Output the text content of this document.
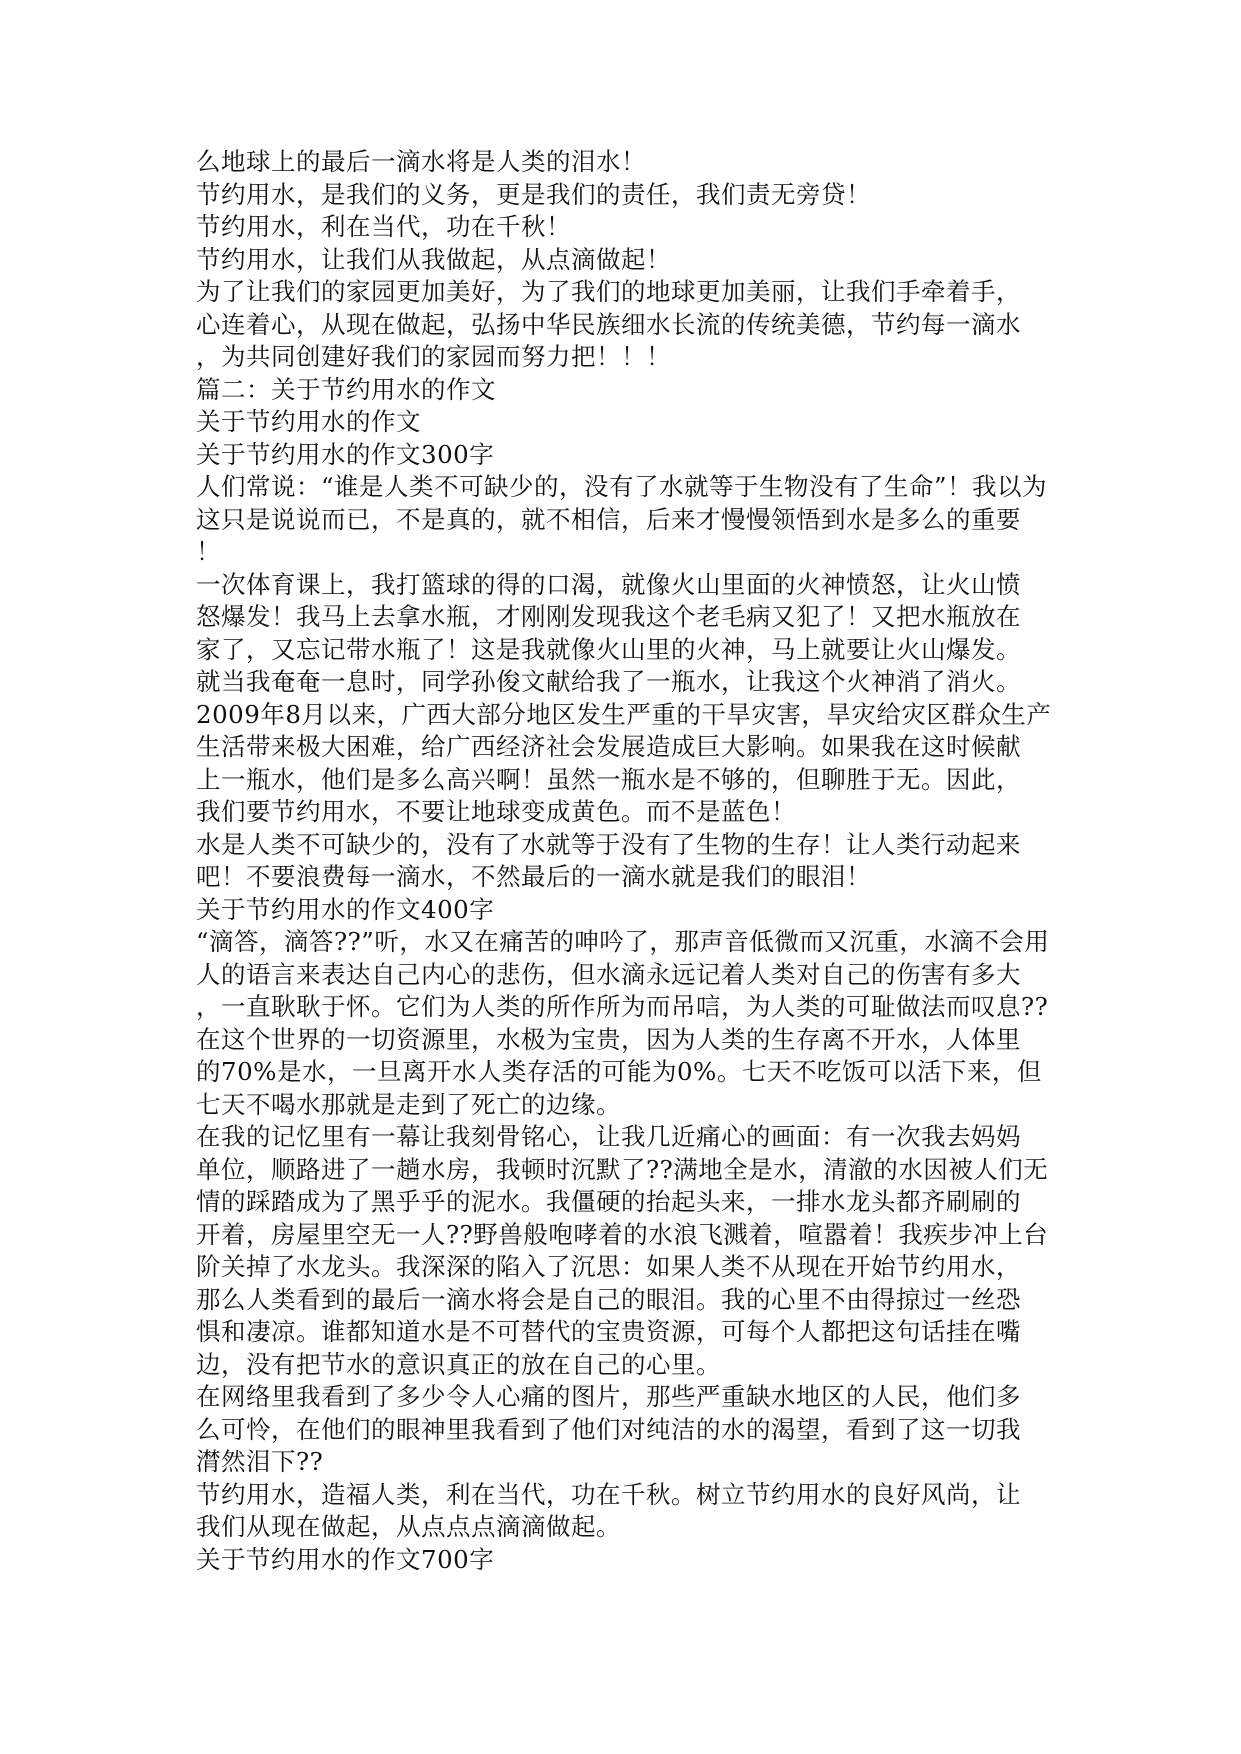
么地球上的最后一滴水将是人类的泪水！

节约用水，是我们的义务，更是我们的责任，我们责无旁贷！

节约用水，利在当代，功在千秋！

节约用水，让我们从我做起，从点滴做起！

为了让我们的家园更加美好，为了我们的地球更加美丽，让我们手牵着手，

心连着心，从现在做起，弘扬中华民族细水长流的传统美德，节约每一滴水

，为共同创建好我们的家园而努力把！！！

篇二：关于节约用水的作文

关于节约用水的作文

关于节约用水的作文300字

人们常说：“谁是人类不可缺少的，没有了水就等于生物没有了生命”！我以为

这只是说说而已，不是真的，就不相信，后来才慢慢领悟到水是多么的重要

！

一次体育课上，我打篮球的得的口渴，就像火山里面的火神愤怒，让火山愤

怒爆发！我马上去拿水瓶，才刚刚发现我这个老毛病又犯了！又把水瓶放在

家了，又忘记带水瓶了！这是我就像火山里的火神，马上就要让火山爆发。

就当我奄奄一息时，同学孙俊文献给我了一瓶水，让我这个火神消了消火。

2009年8月以来，广西大部分地区发生严重的干旱灾害，旱灾给灾区群众生产

生活带来极大困难，给广西经济社会发展造成巨大影响。如果我在这时候献

上一瓶水，他们是多么高兴啊！虽然一瓶水是不够的，但聊胜于无。因此，

我们要节约用水，不要让地球变成黄色。而不是蓝色！

水是人类不可缺少的，没有了水就等于没有了生物的生存！让人类行动起来

吧！不要浪费每一滴水，不然最后的一滴水就是我们的眼泪！

关于节约用水的作文400字

“滴答，滴答??”听，水又在痛苦的呻吟了，那声音低微而又沉重，水滴不会用

人的语言来表达自己内心的悲伤，但水滴永远记着人类对自己的伤害有多大

，一直耿耿于怀。它们为人类的所作所为而吊唁，为人类的可耻做法而叹息??

在这个世界的一切资源里，水极为宝贵，因为人类的生存离不开水，人体里

的70%是水，一旦离开水人类存活的可能为0%。七天不吃饭可以活下来，但

七天不喝水那就是走到了死亡的边缘。

在我的记忆里有一幕让我刻骨铭心，让我几近痛心的画面：有一次我去妈妈

单位，顺路进了一趟水房，我顿时沉默了??满地全是水，清澈的水因被人们无

情的踩踏成为了黑乎乎的泥水。我僵硬的抬起头来，一排水龙头都齐刷刷的

开着，房屋里空无一人??野兽般咆哮着的水浪飞溅着，喧嚣着！我疾步冲上台

阶关掉了水龙头。我深深的陷入了沉思：如果人类不从现在开始节约用水，

那么人类看到的最后一滴水将会是自己的眼泪。我的心里不由得掠过一丝恐

惧和凄凉。谁都知道水是不可替代的宝贵资源，可每个人都把这句话挂在嘴

边，没有把节水的意识真正的放在自己的心里。

在网络里我看到了多少令人心痛的图片，那些严重缺水地区的人民，他们多

么可怜，在他们的眼神里我看到了他们对纯洁的水的渴望，看到了这一切我

潸然泪下??

节约用水，造福人类，利在当代，功在千秋。树立节约用水的良好风尚，让

我们从现在做起，从点点点滴滴做起。

关于节约用水的作文700字
